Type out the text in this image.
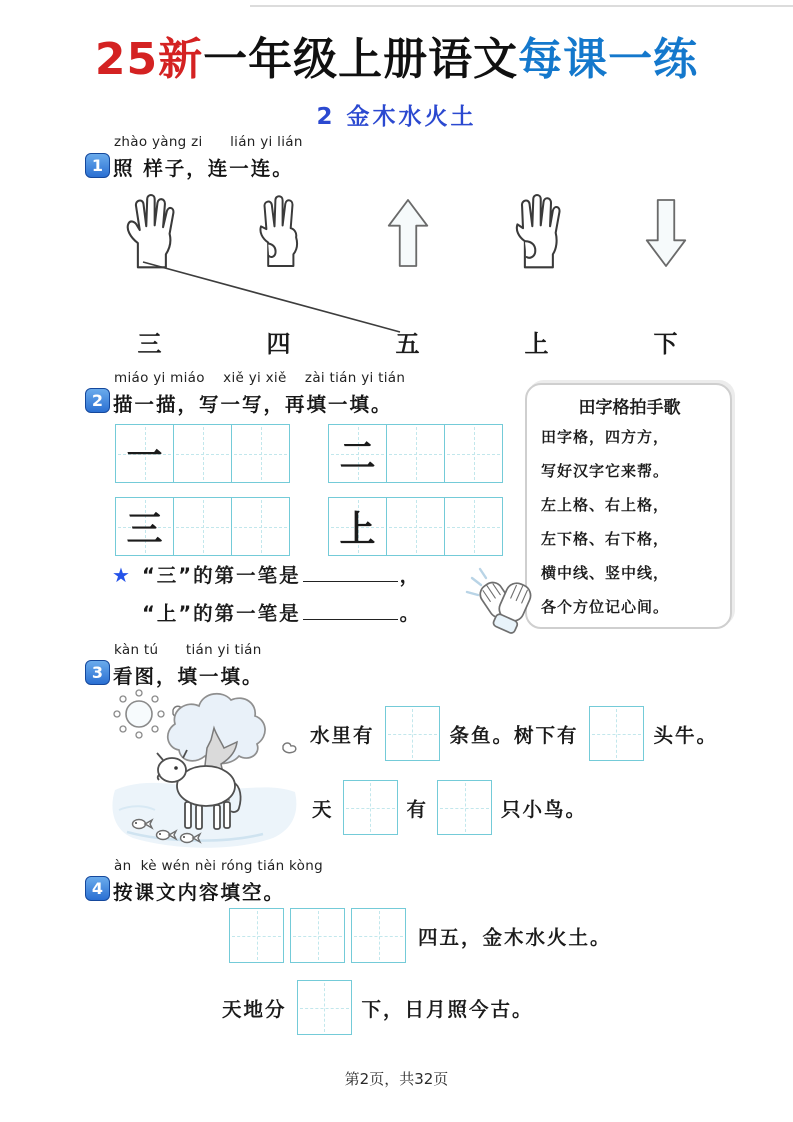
25新一年级上册语文每课一练
2 金木水火土
1
zhào yàng zi      lián yi lián
照 样子，连一连。
三	四	五	上	下
2
miáo yi miáo    xiě yi xiě    zài tián yi tián
描一描，写一写，再填一填。
一	二
三	上
★ “三”的第一笔是	，
“上”的第一笔是	。
田字格拍手歌
田字格，四方方，
写好汉字它来帮。
左上格、右上格，
左下格、右下格，
横中线、竖中线，
各个方位记心间。
3
kàn tú      tián yi tián
看图，填一填。
水里有	条鱼。树下有	头牛。
天	有	只小鸟。
4
àn  kè wén nèi róng tián kòng
按课文内容填空。
四五，金木水火土。
天地分	下，日月照今古。
第2页，共32页
